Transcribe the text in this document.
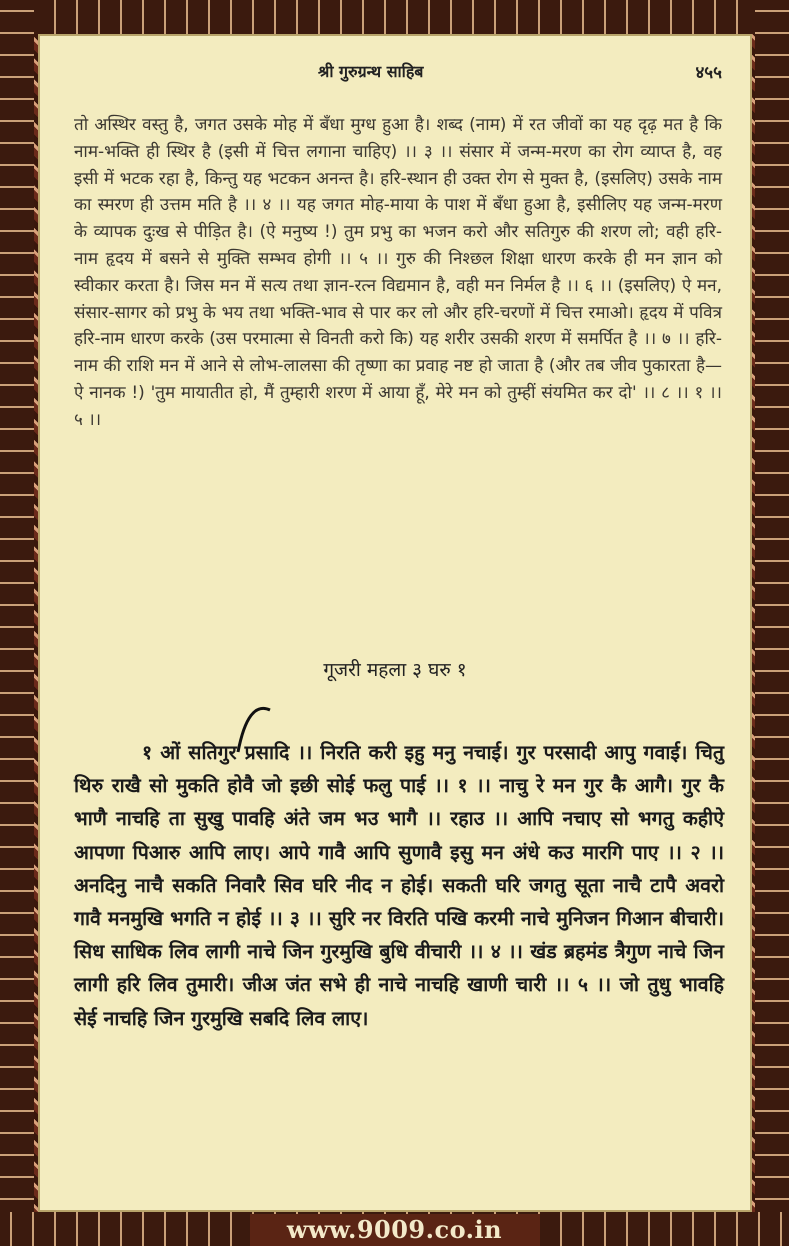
श्री गुरुग्रन्थ साहिब	४५५

तो अस्थिर वस्तु है, जगत उसके मोह में बँधा मुग्ध हुआ है। शब्द (नाम) में रत जीवों का यह दृढ़ मत है कि नाम-भक्ति ही स्थिर है (इसी में चित्त लगाना चाहिए) ।। ३ ।। संसार में जन्म-मरण का रोग व्याप्त है, वह इसी में भटक रहा है, किन्तु यह भटकन अनन्त है। हरि-स्थान ही उक्त रोग से मुक्त है, (इसलिए) उसके नाम का स्मरण ही उत्तम मति है ।। ४ ।। यह जगत मोह-माया के पाश में बँधा हुआ है, इसीलिए यह जन्म-मरण के व्यापक दुःख से पीड़ित है। (ऐ मनुष्य !) तुम प्रभु का भजन करो और सतिगुरु की शरण लो; वही हरि-नाम हृदय में बसने से मुक्ति सम्भव होगी ।। ५ ।। गुरु की निश्छल शिक्षा धारण करके ही मन ज्ञान को स्वीकार करता है। जिस मन में सत्य तथा ज्ञान-रत्न विद्यमान है, वही मन निर्मल है ।। ६ ।। (इसलिए) ऐ मन, संसार-सागर को प्रभु के भय तथा भक्ति-भाव से पार कर लो और हरि-चरणों में चित्त रमाओ। हृदय में पवित्र हरि-नाम धारण करके (उस परमात्मा से विनती करो कि) यह शरीर उसकी शरण में समर्पित है ।। ७ ।। हरि-नाम की राशि मन में आने से लोभ-लालसा की तृष्णा का प्रवाह नष्ट हो जाता है (और तब जीव पुकारता है— ऐ नानक !) 'तुम मायातीत हो, मैं तुम्हारी शरण में आया हूँ, मेरे मन को तुम्हीं संयमित कर दो' ।। ८ ।। १ ।। ५ ।।

गूजरी महला ३ घरु १

१ ओं सतिगुर प्रसादि ।। निरति करी इहु मनु नचाई। गुर परसादी आपु गवाई। चितु थिरु राखै सो मुकति होवै जो इछी सोई फलु पाई ।। १ ।। नाचु रे मन गुर कै आगै। गुर कै भाणै नाचहि ता सुखु पावहि अंते जम भउ भागै ।। रहाउ ।। आपि नचाए सो भगतु कहीऐ आपणा पिआरु आपि लाए। आपे गावै आपि सुणावै इसु मन अंधे कउ मारगि पाए ।। २ ।। अनदिनु नाचै सकति निवारै सिव घरि नीद न होई। सकती घरि जगतु सूता नाचै टापै अवरो गावै मनमुखि भगति न होई ।। ३ ।। सुरि नर विरति पखि करमी नाचे मुनिजन गिआन बीचारी। सिध साधिक लिव लागी नाचे जिन गुरमुखि बुधि वीचारी ।। ४ ।। खंड ब्रहमंड त्रैगुण नाचे जिन लागी हरि लिव तुमारी। जीअ जंत सभे ही नाचे नाचहि खाणी चारी ।। ५ ।। जो तुधु भावहि सेई नाचहि जिन गुरमुखि सबदि लिव लाए।

www.9009.co.in
